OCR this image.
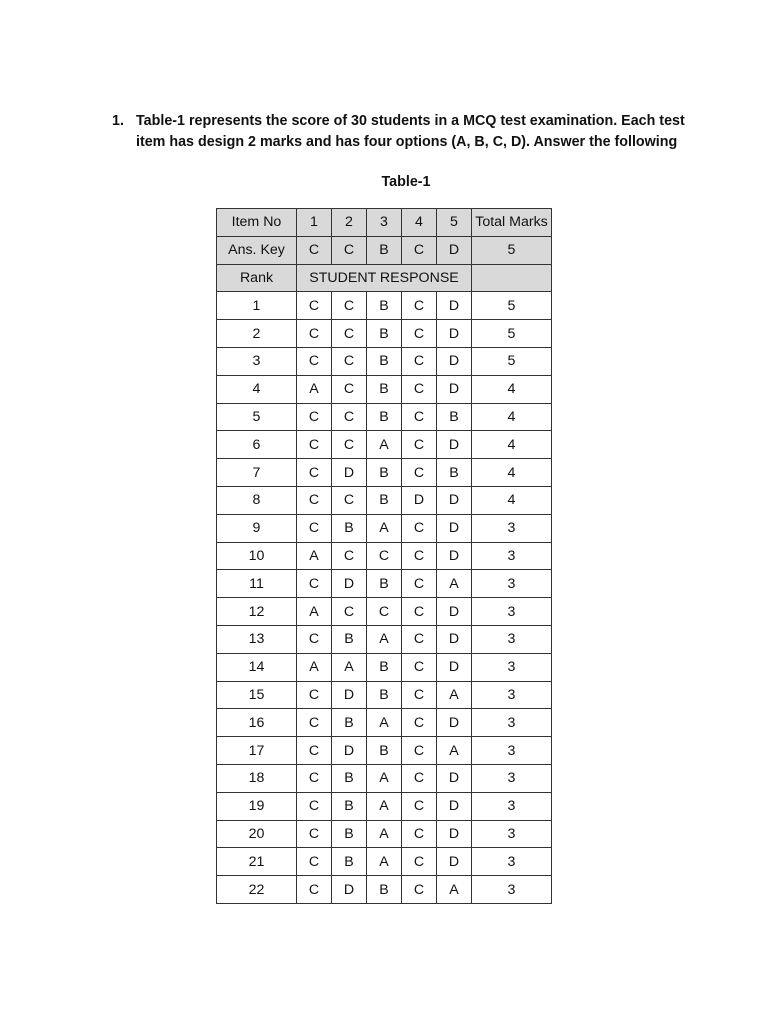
1. Table-1 represents the score of 30 students in a MCQ test examination. Each test item has design 2 marks and has four options (A, B, C, D). Answer the following
Table-1
Item No	1	2	3	4	5	Total Marks
Ans. Key	C	C	B	C	D	5
Rank	STUDENT RESPONSE					
1	C	C	B	C	D	5
2	C	C	B	C	D	5
3	C	C	B	C	D	5
4	A	C	B	C	D	4
5	C	C	B	C	B	4
6	C	C	A	C	D	4
7	C	D	B	C	B	4
8	C	C	B	D	D	4
9	C	B	A	C	D	3
10	A	C	C	C	D	3
11	C	D	B	C	A	3
12	A	C	C	C	D	3
13	C	B	A	C	D	3
14	A	A	B	C	D	3
15	C	D	B	C	A	3
16	C	B	A	C	D	3
17	C	D	B	C	A	3
18	C	B	A	C	D	3
19	C	B	A	C	D	3
20	C	B	A	C	D	3
21	C	B	A	C	D	3
22	C	D	B	C	A	3
